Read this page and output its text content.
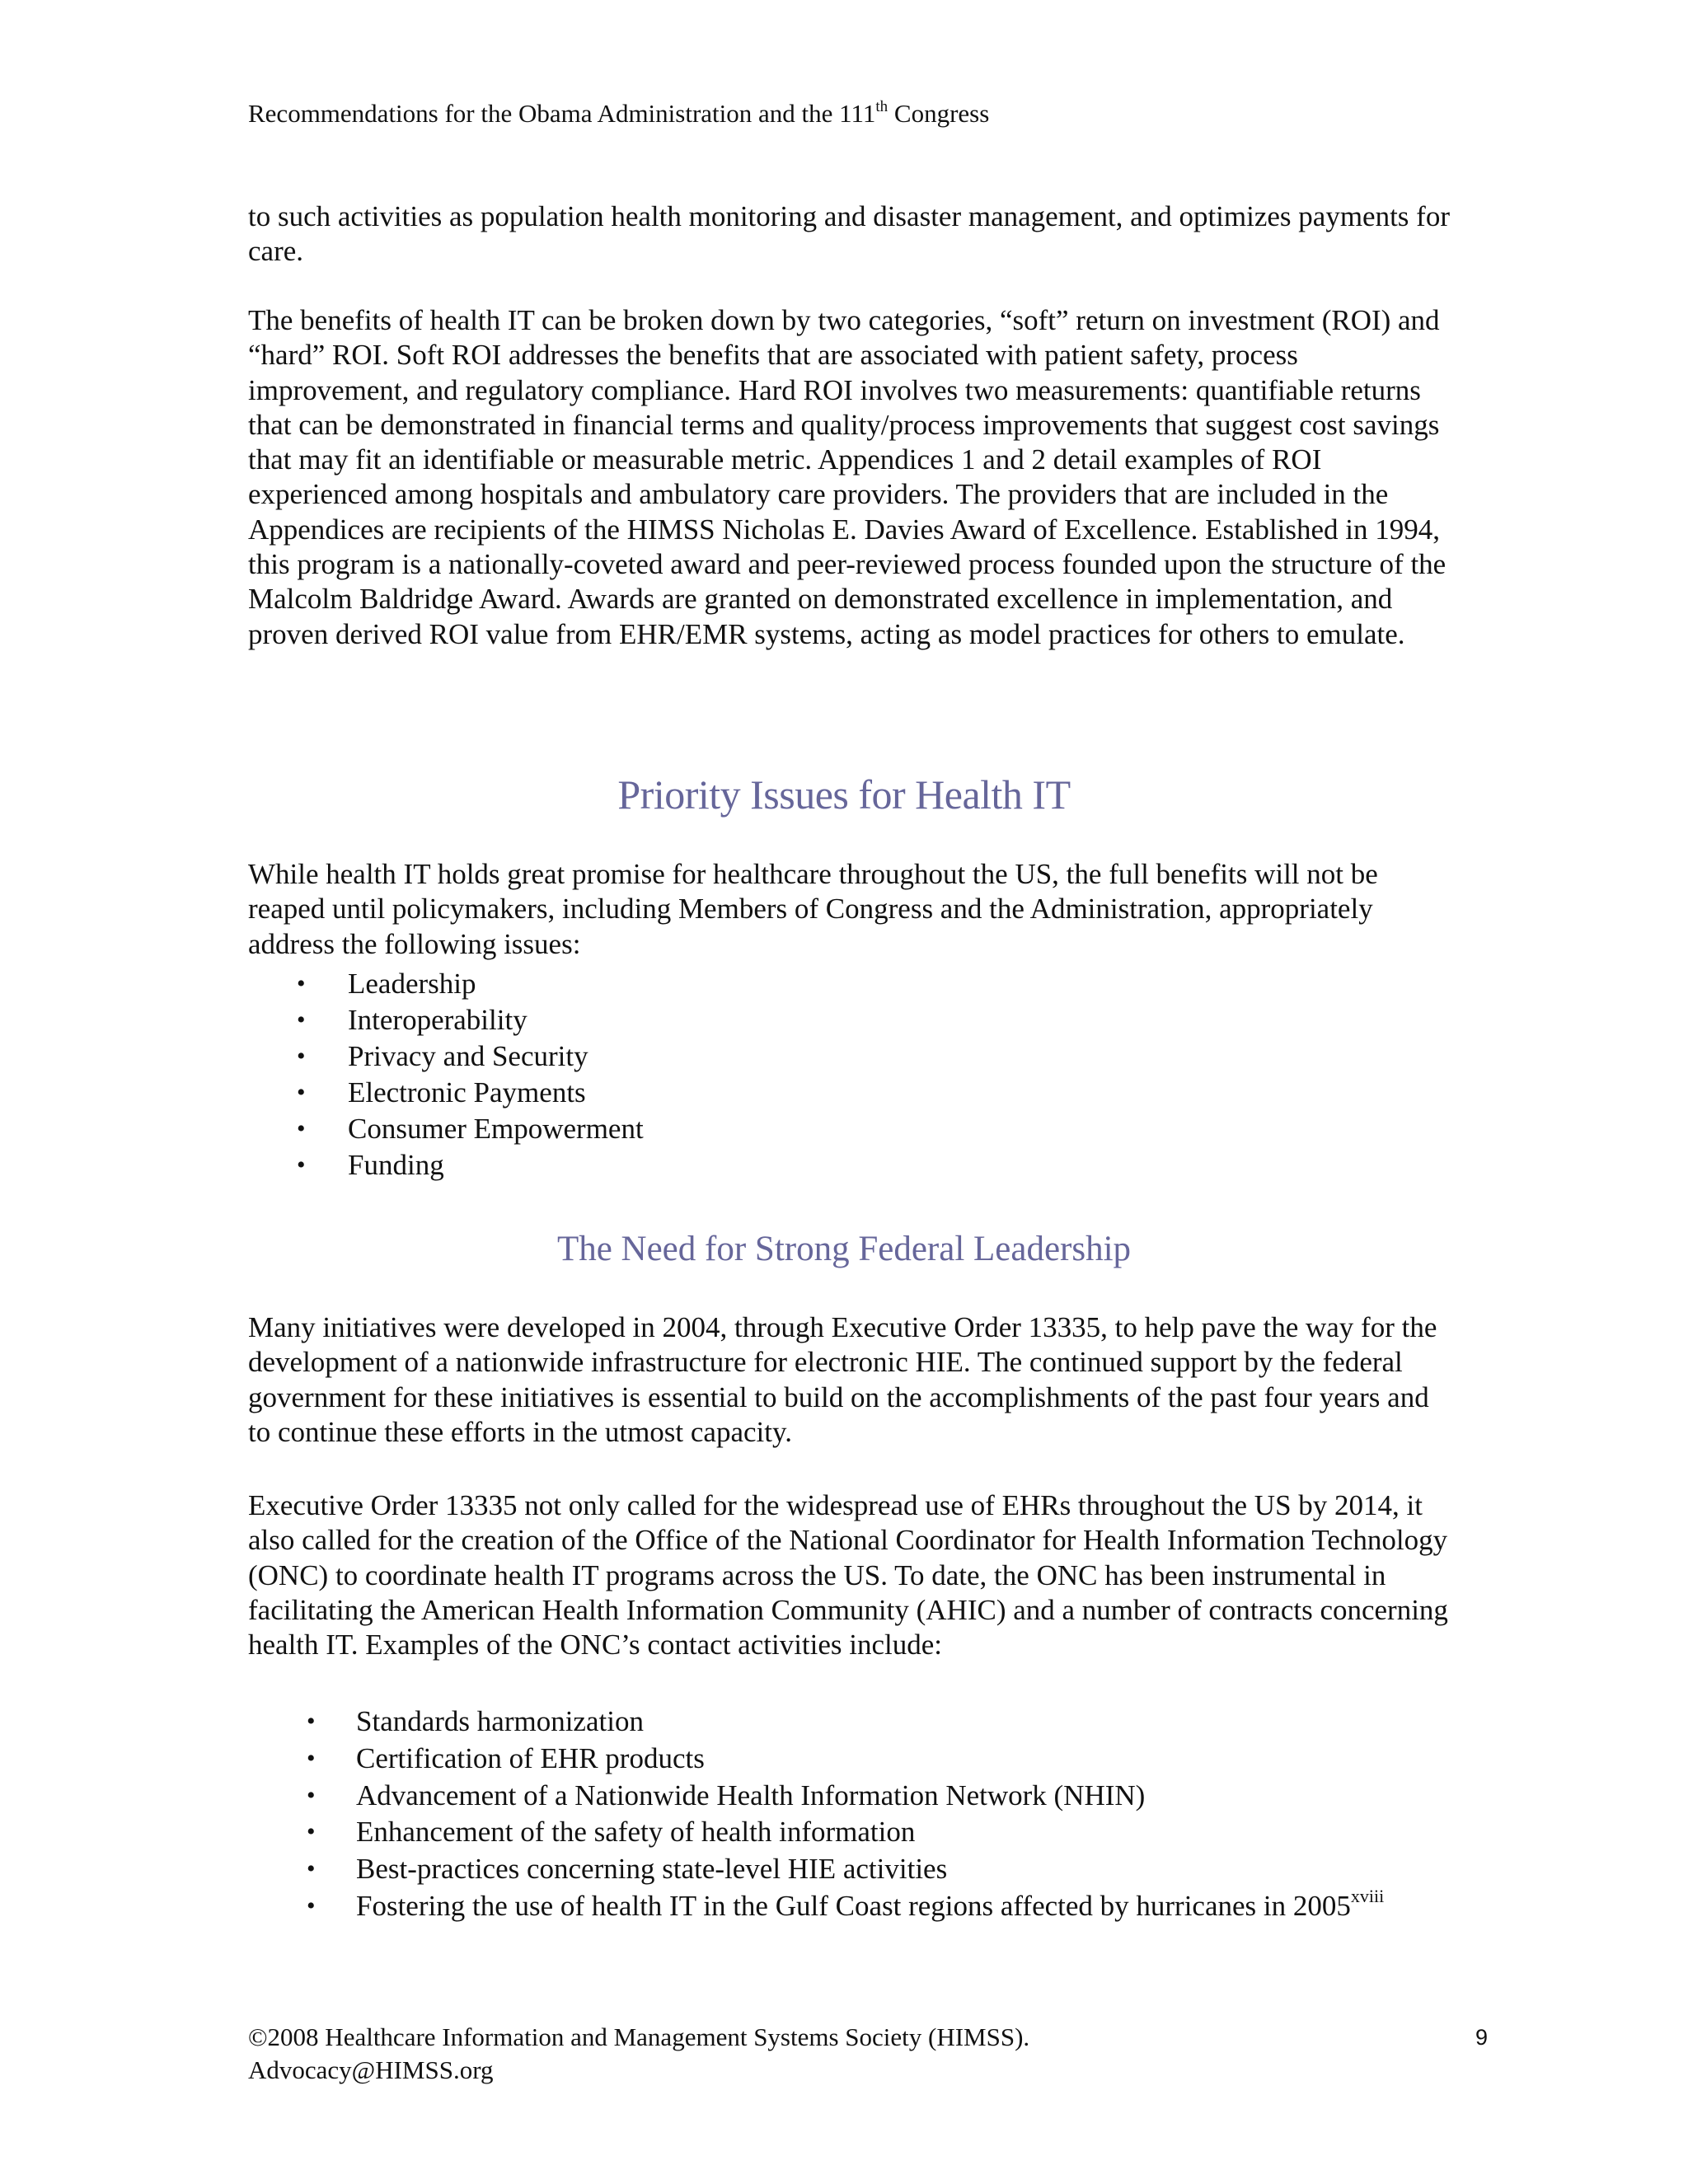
Recommendations for the Obama Administration and the 111th Congress

to such activities as population health monitoring and disaster management, and optimizes payments for care.

The benefits of health IT can be broken down by two categories, “soft” return on investment (ROI) and “hard” ROI. Soft ROI addresses the benefits that are associated with patient safety, process improvement, and regulatory compliance. Hard ROI involves two measurements: quantifiable returns that can be demonstrated in financial terms and quality/process improvements that suggest cost savings that may fit an identifiable or measurable metric. Appendices 1 and 2 detail examples of ROI experienced among hospitals and ambulatory care providers. The providers that are included in the Appendices are recipients of the HIMSS Nicholas E. Davies Award of Excellence. Established in 1994, this program is a nationally-coveted award and peer-reviewed process founded upon the structure of the Malcolm Baldridge Award. Awards are granted on demonstrated excellence in implementation, and proven derived ROI value from EHR/EMR systems, acting as model practices for others to emulate.

Priority Issues for Health IT

While health IT holds great promise for healthcare throughout the US, the full benefits will not be reaped until policymakers, including Members of Congress and the Administration, appropriately address the following issues:

• Leadership
• Interoperability
• Privacy and Security
• Electronic Payments
• Consumer Empowerment
• Funding
The Need for Strong Federal Leadership

Many initiatives were developed in 2004, through Executive Order 13335, to help pave the way for the development of a nationwide infrastructure for electronic HIE. The continued support by the federal government for these initiatives is essential to build on the accomplishments of the past four years and to continue these efforts in the utmost capacity.

Executive Order 13335 not only called for the widespread use of EHRs throughout the US by 2014, it also called for the creation of the Office of the National Coordinator for Health Information Technology (ONC) to coordinate health IT programs across the US. To date, the ONC has been instrumental in facilitating the American Health Information Community (AHIC) and a number of contracts concerning health IT. Examples of the ONC’s contact activities include:

• Standards harmonization
• Certification of EHR products
• Advancement of a Nationwide Health Information Network (NHIN)
• Enhancement of the safety of health information
• Best-practices concerning state-level HIE activities
• Fostering the use of health IT in the Gulf Coast regions affected by hurricanes in $2005^{xviii}$
©2008 Healthcare Information and Management Systems Society (HIMSS).
Advocacy@HIMSS.org
9
